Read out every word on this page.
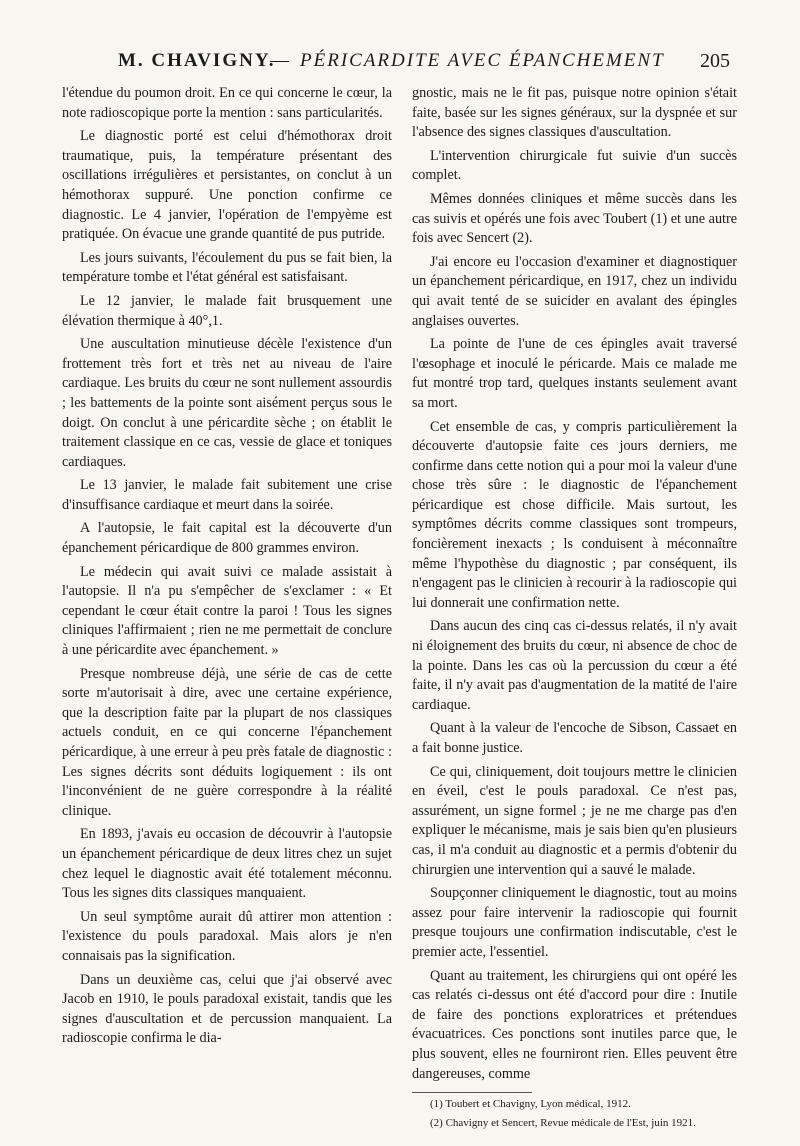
M. CHAVIGNY.
— PÉRICARDITE AVEC ÉPANCHEMENT 205

l'étendue du poumon droit. En ce qui concerne le cœur, la note radioscopique porte la mention : sans particularités.

Le diagnostic porté est celui d'hémothorax droit traumatique, puis, la température présentant des oscillations irrégulières et persistantes, on conclut à un hémothorax suppuré. Une ponction confirme ce diagnostic. Le 4 janvier, l'opération de l'empyème est pratiquée. On évacue une grande quantité de pus putride.

Les jours suivants, l'écoulement du pus se fait bien, la température tombe et l'état général est satisfaisant.

Le 12 janvier, le malade fait brusquement une élévation thermique à 40°,1.

Une auscultation minutieuse décèle l'existence d'un frottement très fort et très net au niveau de l'aire cardiaque. Les bruits du cœur ne sont nullement assourdis ; les battements de la pointe sont aisément perçus sous le doigt. On conclut à une péricardite sèche ; on établit le traitement classique en ce cas, vessie de glace et toniques cardiaques.

Le 13 janvier, le malade fait subitement une crise d'insuffisance cardiaque et meurt dans la soirée.

A l'autopsie, le fait capital est la découverte d'un épanchement péricardique de 800 grammes environ.

Le médecin qui avait suivi ce malade assistait à l'autopsie. Il n'a pu s'empêcher de s'exclamer : « Et cependant le cœur était contre la paroi ! Tous les signes cliniques l'affirmaient ; rien ne me permettait de conclure à une péricardite avec épanchement. »

Presque nombreuse déjà, une série de cas de cette sorte m'autorisait à dire, avec une certaine expérience, que la description faite par la plupart de nos classiques actuels conduit, en ce qui concerne l'épanchement péricardique, à une erreur à peu près fatale de diagnostic : Les signes décrits sont déduits logiquement : ils ont l'inconvénient de ne guère correspondre à la réalité clinique.

En 1893, j'avais eu occasion de découvrir à l'autopsie un épanchement péricardique de deux litres chez un sujet chez lequel le diagnostic avait été totalement méconnu. Tous les signes dits classiques manquaient.

Un seul symptôme aurait dû attirer mon attention : l'existence du pouls paradoxal. Mais alors je n'en connaisais pas la signification.

Dans un deuxième cas, celui que j'ai observé avec Jacob en 1910, le pouls paradoxal existait, tandis que les signes d'auscultation et de percussion manquaient. La radioscopie confirma le dia-

gnostic, mais ne le fit pas, puisque notre opinion s'était faite, basée sur les signes généraux, sur la dyspnée et sur l'absence des signes classiques d'auscultation.

L'intervention chirurgicale fut suivie d'un succès complet.

Mêmes données cliniques et même succès dans les cas suivis et opérés une fois avec Toubert (1) et une autre fois avec Sencert (2).

J'ai encore eu l'occasion d'examiner et diagnostiquer un épanchement péricardique, en 1917, chez un individu qui avait tenté de se suicider en avalant des épingles anglaises ouvertes.

La pointe de l'une de ces épingles avait traversé l'œsophage et inoculé le péricarde. Mais ce malade me fut montré trop tard, quelques instants seulement avant sa mort.

Cet ensemble de cas, y compris particulièrement la découverte d'autopsie faite ces jours derniers, me confirme dans cette notion qui a pour moi la valeur d'une chose très sûre : le diagnostic de l'épanchement péricardique est chose difficile. Mais surtout, les symptômes décrits comme classiques sont trompeurs, foncièrement inexacts ; ls conduisent à méconnaître même l'hypothèse du diagnostic ; par conséquent, ils n'engagent pas le clinicien à recourir à la radioscopie qui lui donnerait une confirmation nette.

Dans aucun des cinq cas ci-dessus relatés, il n'y avait ni éloignement des bruits du cœur, ni absence de choc de la pointe. Dans les cas où la percussion du cœur a été faite, il n'y avait pas d'augmentation de la matité de l'aire cardiaque.

Quant à la valeur de l'encoche de Sibson, Cassaet en a fait bonne justice.

Ce qui, cliniquement, doit toujours mettre le clinicien en éveil, c'est le pouls paradoxal. Ce n'est pas, assurément, un signe formel ; je ne me charge pas d'en expliquer le mécanisme, mais je sais bien qu'en plusieurs cas, il m'a conduit au diagnostic et a permis d'obtenir du chirurgien une intervention qui a sauvé le malade.

Soupçonner cliniquement le diagnostic, tout au moins assez pour faire intervenir la radioscopie qui fournit presque toujours une confirmation indiscutable, c'est le premier acte, l'essentiel.

Quant au traitement, les chirurgiens qui ont opéré les cas relatés ci-dessus ont été d'accord pour dire : Inutile de faire des ponctions exploratrices et prétendues évacuatrices. Ces ponctions sont inutiles parce que, le plus souvent, elles ne fourniront rien. Elles peuvent être dangereuses, comme

(1) Toubert et Chavigny, Lyon médical, 1912.

(2) Chavigny et Sencert, Revue médicale de l'Est, juin 1921.
